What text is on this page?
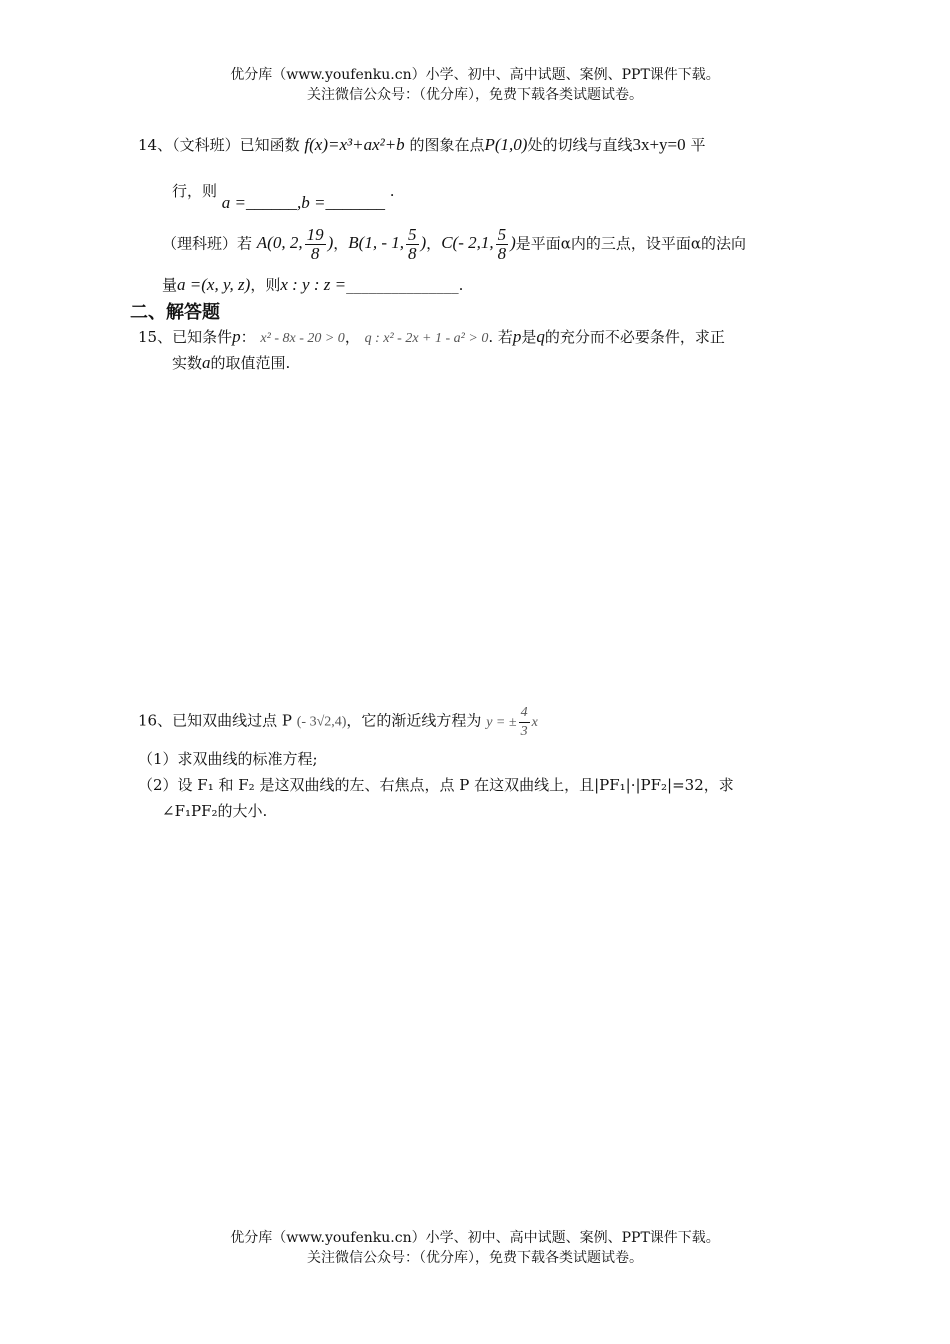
优分库（www.youfenku.cn）小学、初中、高中试题、案例、PPT课件下载。
关注微信公众号：（优分库），免费下载各类试题试卷。
14、（文科班）已知函数 f(x)=x³+ax²+b 的图象在点P(1,0)处的切线与直线3x+y=0 平
行，则 a =______,b =_______ .
（理科班）若 A(0, 2, $\frac{19}{8}$ )，B(1, - 1, $\frac{5}{8}$ )，C(- 2,1, $\frac{5}{8}$ )是平面α内的三点，设平面α的法向
量a =(x, y, z)，则x : y : z =_______________.
二、解答题
15、已知条件p： x² - 8x - 20 > 0， q : x² - 2x + 1 - a² > 0. 若p是q的充分而不必要条件，求正
实数a的取值范围.
16、已知双曲线过点 P (- 3√2,4)，它的渐近线方程为 y = ± $\frac{4}{3}$ x
（1）求双曲线的标准方程;
（2）设 F₁ 和 F₂ 是这双曲线的左、右焦点，点 P 在这双曲线上，且|PF₁|·|PF₂|=32，求
∠F₁PF₂的大小.
优分库（www.youfenku.cn）小学、初中、高中试题、案例、PPT课件下载。
关注微信公众号：（优分库），免费下载各类试题试卷。
